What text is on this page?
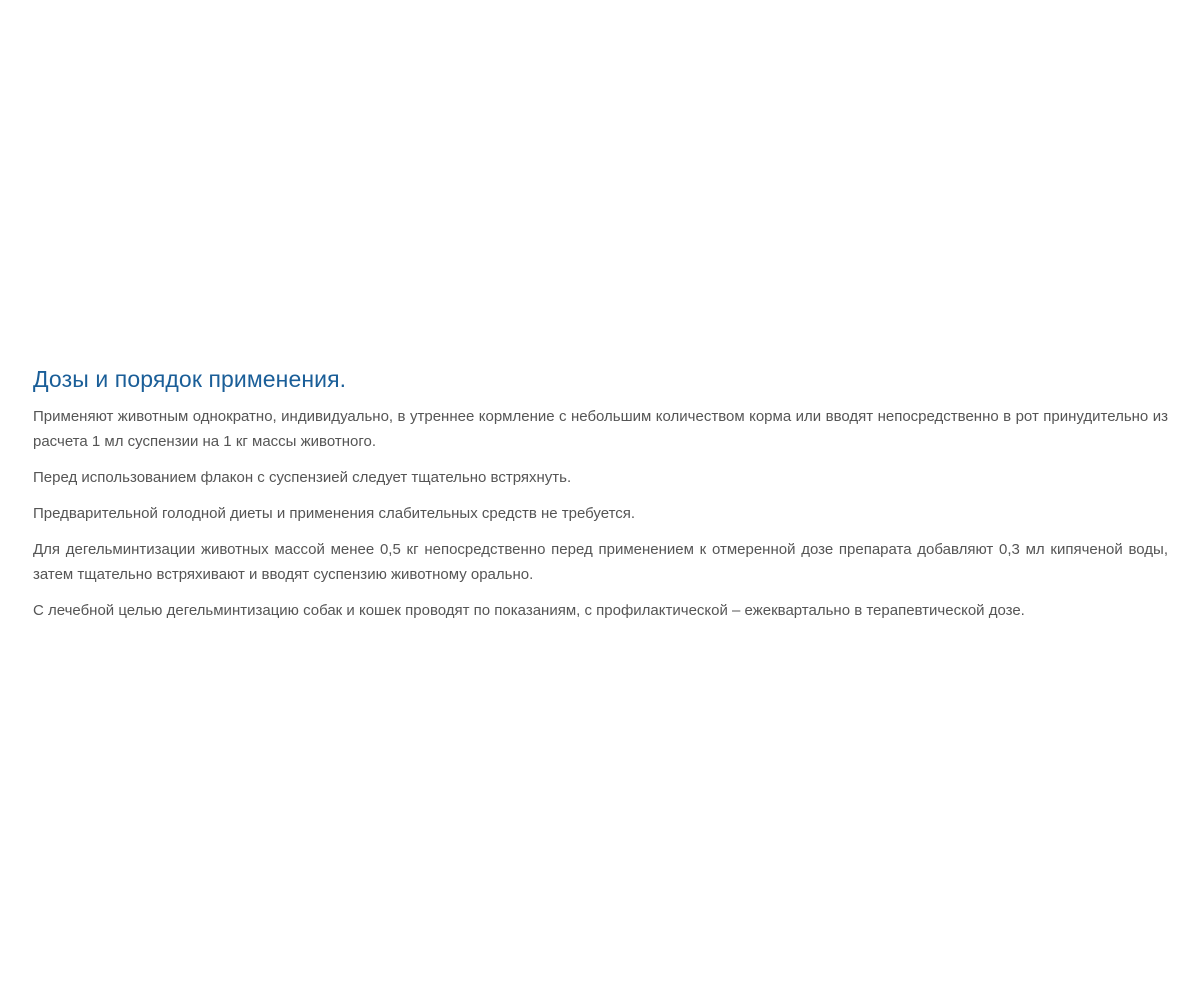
Дозы и порядок применения.

Применяют животным однократно, индивидуально, в утреннее кормление с небольшим количеством корма или вводят непосредственно в рот принудительно из расчета 1 мл суспензии на 1 кг массы животного.

Перед использованием флакон с суспензией следует тщательно встряхнуть.

Предварительной голодной диеты и применения слабительных средств не требуется.

Для дегельминтизации животных массой менее 0,5 кг непосредственно перед применением к отмеренной дозе препарата добавляют 0,3 мл кипяченой воды, затем тщательно встряхивают и вводят суспензию животному орально.

С лечебной целью дегельминтизацию собак и кошек проводят по показаниям, с профилактической – ежеквартально в терапевтической дозе.
